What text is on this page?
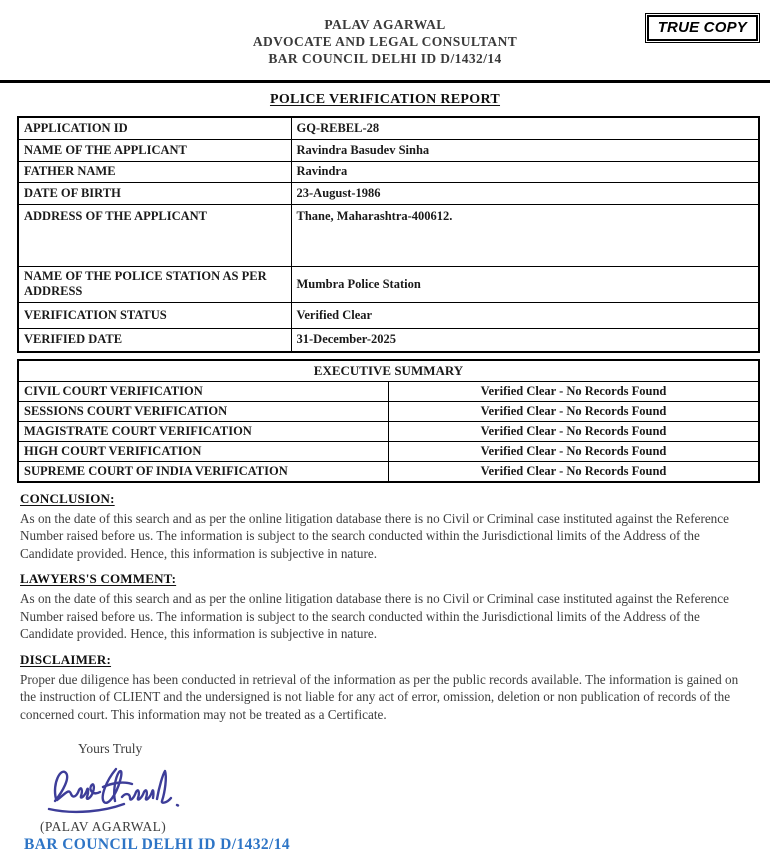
PALAV AGARWAL
ADVOCATE AND LEGAL CONSULTANT
BAR COUNCIL DELHI ID D/1432/14
TRUE COPY
POLICE VERIFICATION REPORT
APPLICATION ID	GQ-REBEL-28
NAME OF THE APPLICANT	Ravindra Basudev Sinha
FATHER NAME	Ravindra
DATE OF BIRTH	23-August-1986
ADDRESS OF THE APPLICANT	Thane, Maharashtra-400612.
NAME OF THE POLICE STATION AS PER ADDRESS	Mumbra Police Station
VERIFICATION STATUS	Verified Clear
VERIFIED DATE	31-December-2025
EXECUTIVE SUMMARY	
CIVIL COURT VERIFICATION	Verified Clear - No Records Found
SESSIONS COURT VERIFICATION	Verified Clear - No Records Found
MAGISTRATE COURT VERIFICATION	Verified Clear - No Records Found
HIGH COURT VERIFICATION	Verified Clear - No Records Found
SUPREME COURT OF INDIA VERIFICATION	Verified Clear - No Records Found
CONCLUSION:
As on the date of this search and as per the online litigation database there is no Civil or Criminal case instituted against the Reference Number raised before us. The information is subject to the search conducted within the Jurisdictional limits of the Address of the Candidate provided. Hence, this information is subjective in nature.
LAWYERS'S COMMENT:
As on the date of this search and as per the online litigation database there is no Civil or Criminal case instituted against the Reference Number raised before us. The information is subject to the search conducted within the Jurisdictional limits of the Address of the Candidate provided. Hence, this information is subjective in nature.
DISCLAIMER:
Proper due diligence has been conducted in retrieval of the information as per the public records available. The information is gained on the instruction of CLIENT and the undersigned is not liable for any act of error, omission, deletion or non publication of records of the concerned court. This information may not be treated as a Certificate.
Yours Truly
(PALAV AGARWAL)
BAR COUNCIL DELHI ID D/1432/14
